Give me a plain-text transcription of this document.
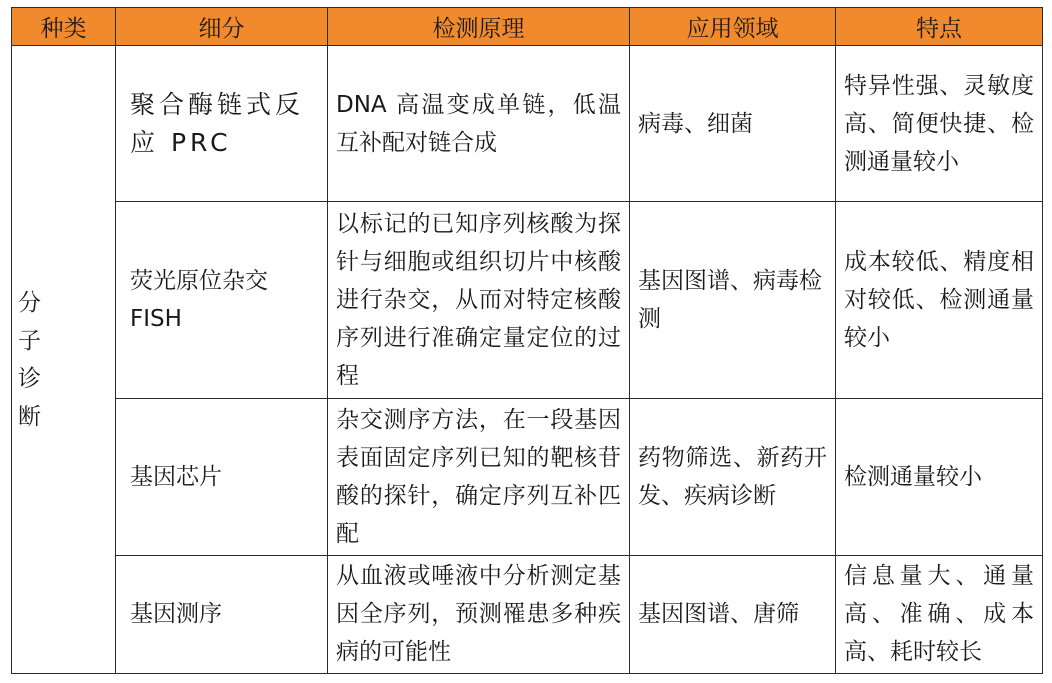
种类	细分	检测原理	应用领域	特点

分子诊断	聚合酶链式反应 PRC	DNA 高温变成单链，低温互补配对链合成	病毒、细菌	特异性强、灵敏度高、简便快捷、检测通量较小
	荧光原位杂交 FISH	以标记的已知序列核酸为探针与细胞或组织切片中核酸进行杂交，从而对特定核酸序列进行准确定量定位的过程	基因图谱、病毒检测	成本较低、精度相对较低、检测通量较小
	基因芯片	杂交测序方法，在一段基因表面固定序列已知的靶核苷酸的探针，确定序列互补匹配	药物筛选、新药开发、疾病诊断	检测通量较小
	基因测序	从血液或唾液中分析测定基因全序列，预测罹患多种疾病的可能性	基因图谱、唐筛	信息量大、通量高、准确、成本高、耗时较长
